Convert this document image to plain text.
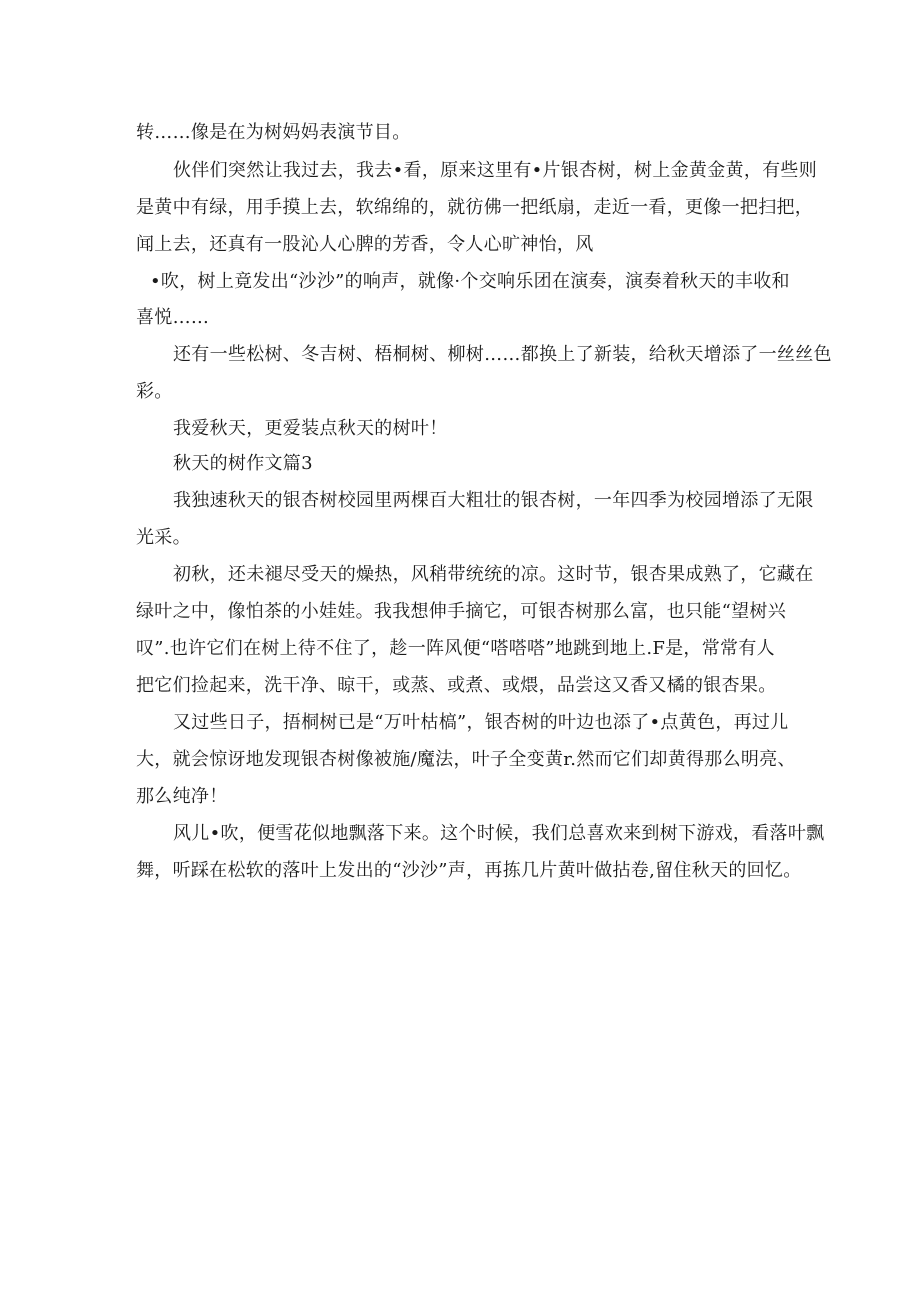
转……像是在为树妈妈表演节目。
伙伴们突然让我过去，我去•看，原来这里有•片银杏树，树上金黄金黄，有些则
是黄中有绿，用手摸上去，软绵绵的，就彷佛一把纸扇，走近一看，更像一把扫把，
闻上去，还真有一股沁人心脾的芳香，令人心旷神怡，风
•吹，树上竟发出“沙沙”的响声，就像·个交响乐团在演奏，演奏着秋天的丰收和
喜悦……
还有一些松树、冬吉树、梧桐树、柳树……都换上了新装，给秋天增添了一丝丝色
彩。
我爱秋天，更爱装点秋天的树叶！
秋天的树作文篇3
我独速秋天的银杏树校园里两棵百大粗壮的银杏树，一年四季为校园增添了无限
光采。
初秋，还未褪尽受天的燥热，风稍带统统的凉。这时节，银杏果成熟了，它藏在
绿叶之中，像怕茶的小娃娃。我我想伸手摘它，可银杏树那么富，也只能“望树兴
叹”.也许它们在树上待不住了，趁一阵风便“嗒嗒嗒”地跳到地上.F是，常常有人
把它们捡起来，洗干净、晾干，或蒸、或煮、或煨，品尝这又香又橘的银杏果。
又过些日子，捂桐树已是“万叶枯槁”，银杏树的叶边也添了•点黄色，再过儿
大，就会惊讶地发现银杏树像被施/魔法，叶子全变黄r.然而它们却黄得那么明亮、
那么纯净！
风儿•吹，便雪花似地飘落下来。这个时候，我们总喜欢来到树下游戏，看落叶飘
舞，听踩在松软的落叶上发出的“沙沙”声，再拣几片黄叶做拈卷,留住秋天的回忆。
